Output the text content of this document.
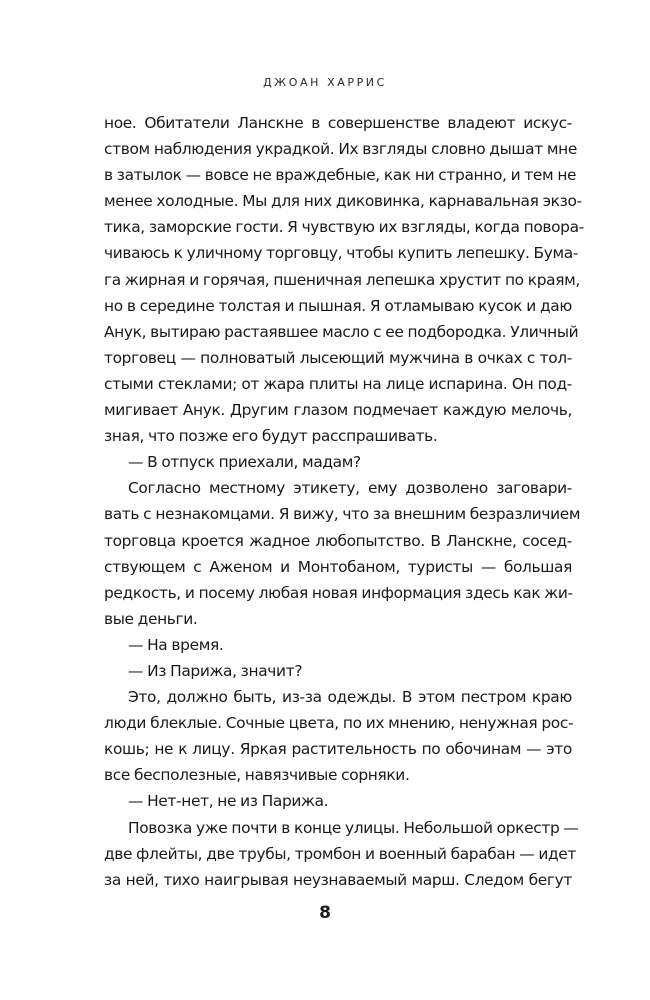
ДЖОАН ХАРРИС
ное. Обитатели Ланскне в совершенстве владеют искус-
ством наблюдения украдкой. Их взгляды словно дышат мне
в затылок — вовсе не враждебные, как ни странно, и тем не
менее холодные. Мы для них диковинка, карнавальная экзо-
тика, заморские гости. Я чувствую их взгляды, когда повора-
чиваюсь к уличному торговцу, чтобы купить лепешку. Бума-
га жирная и горячая, пшеничная лепешка хрустит по краям,
но в середине толстая и пышная. Я отламываю кусок и даю
Анук, вытираю растаявшее масло с ее подбородка. Уличный
торговец — полноватый лысеющий мужчина в очках с тол-
стыми стеклами; от жара плиты на лице испарина. Он под-
мигивает Анук. Другим глазом подмечает каждую мелочь,
зная, что позже его будут расспрашивать.
— В отпуск приехали, мадам?
Согласно местному этикету, ему дозволено заговари-
вать с незнакомцами. Я вижу, что за внешним безразличием
торговца кроется жадное любопытство. В Ланскне, сосед-
ствующем с Аженом и Монтобаном, туристы — большая
редкость, и посему любая новая информация здесь как жи-
вые деньги.
— На время.
— Из Парижа, значит?
Это, должно быть, из-за одежды. В этом пестром краю
люди блеклые. Сочные цвета, по их мнению, ненужная рос-
кошь; не к лицу. Яркая растительность по обочинам — это
все бесполезные, навязчивые сорняки.
— Нет-нет, не из Парижа.
Повозка уже почти в конце улицы. Небольшой оркестр —
две флейты, две трубы, тромбон и военный барабан — идет
за ней, тихо наигрывая неузнаваемый марш. Следом бегут
8
